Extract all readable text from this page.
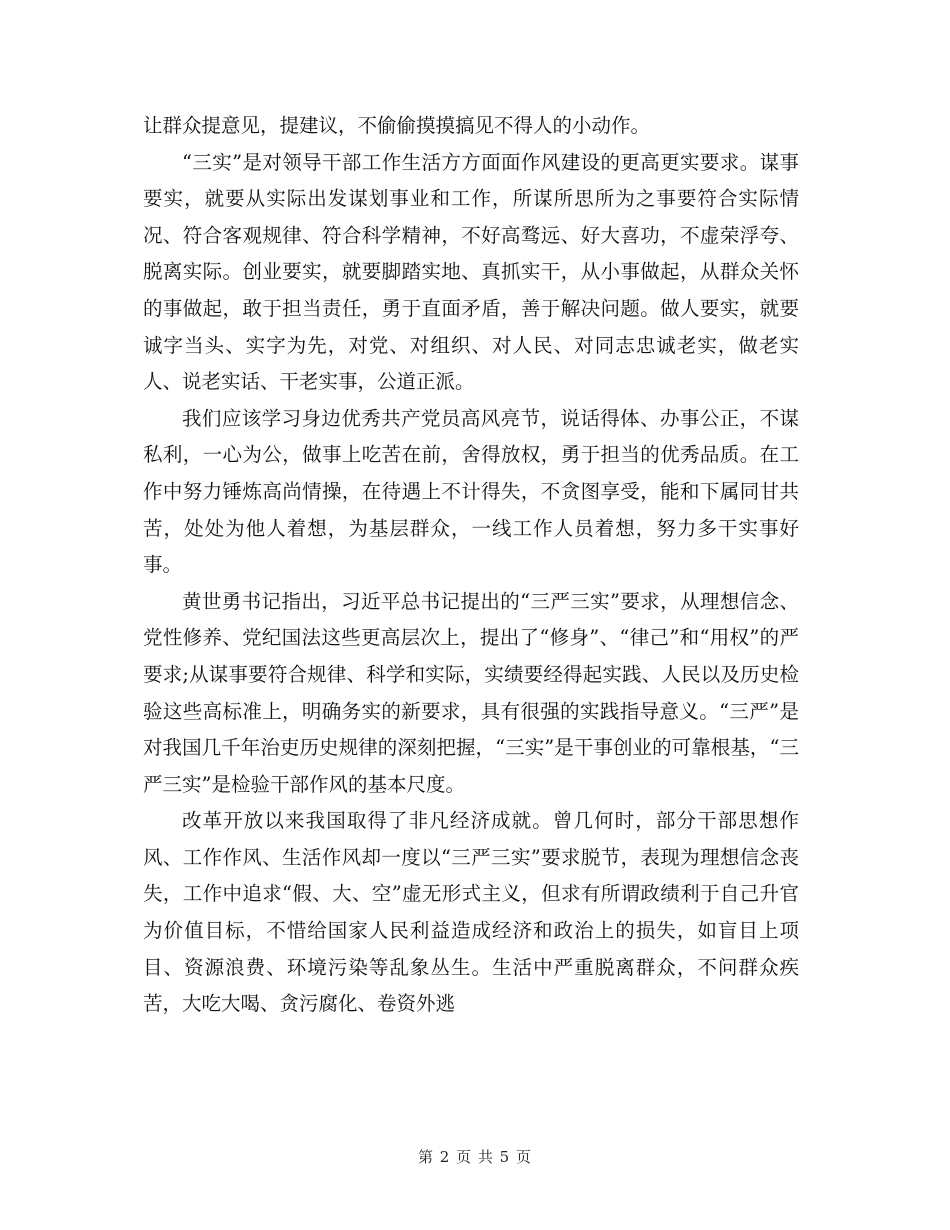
让群众提意见，提建议，不偷偷摸摸搞见不得人的小动作。

“三实”是对领导干部工作生活方方面面作风建设的更高更实要求。谋事要实，就要从实际出发谋划事业和工作，所谋所思所为之事要符合实际情况、符合客观规律、符合科学精神，不好高骛远、好大喜功，不虚荣浮夸、脱离实际。创业要实，就要脚踏实地、真抓实干，从小事做起，从群众关怀的事做起，敢于担当责任，勇于直面矛盾，善于解决问题。做人要实，就要诚字当头、实字为先，对党、对组织、对人民、对同志忠诚老实，做老实人、说老实话、干老实事，公道正派。

我们应该学习身边优秀共产党员高风亮节，说话得体、办事公正，不谋私利，一心为公，做事上吃苦在前，舍得放权，勇于担当的优秀品质。在工作中努力锤炼高尚情操，在待遇上不计得失，不贪图享受，能和下属同甘共苦，处处为他人着想，为基层群众，一线工作人员着想，努力多干实事好事。

黄世勇书记指出，习近平总书记提出的“三严三实”要求，从理想信念、党性修养、党纪国法这些更高层次上，提出了“修身”、“律己”和“用权”的严要求;从谋事要符合规律、科学和实际，实绩要经得起实践、人民以及历史检验这些高标准上，明确务实的新要求，具有很强的实践指导意义。“三严”是对我国几千年治吏历史规律的深刻把握，“三实”是干事创业的可靠根基，“三严三实”是检验干部作风的基本尺度。

改革开放以来我国取得了非凡经济成就。曾几何时，部分干部思想作风、工作作风、生活作风却一度以“三严三实”要求脱节，表现为理想信念丧失，工作中追求“假、大、空”虚无形式主义，但求有所谓政绩利于自己升官为价值目标，不惜给国家人民利益造成经济和政治上的损失，如盲目上项目、资源浪费、环境污染等乱象丛生。生活中严重脱离群众，不问群众疾苦，大吃大喝、贪污腐化、卷资外逃

第 2 页 共 5 页
